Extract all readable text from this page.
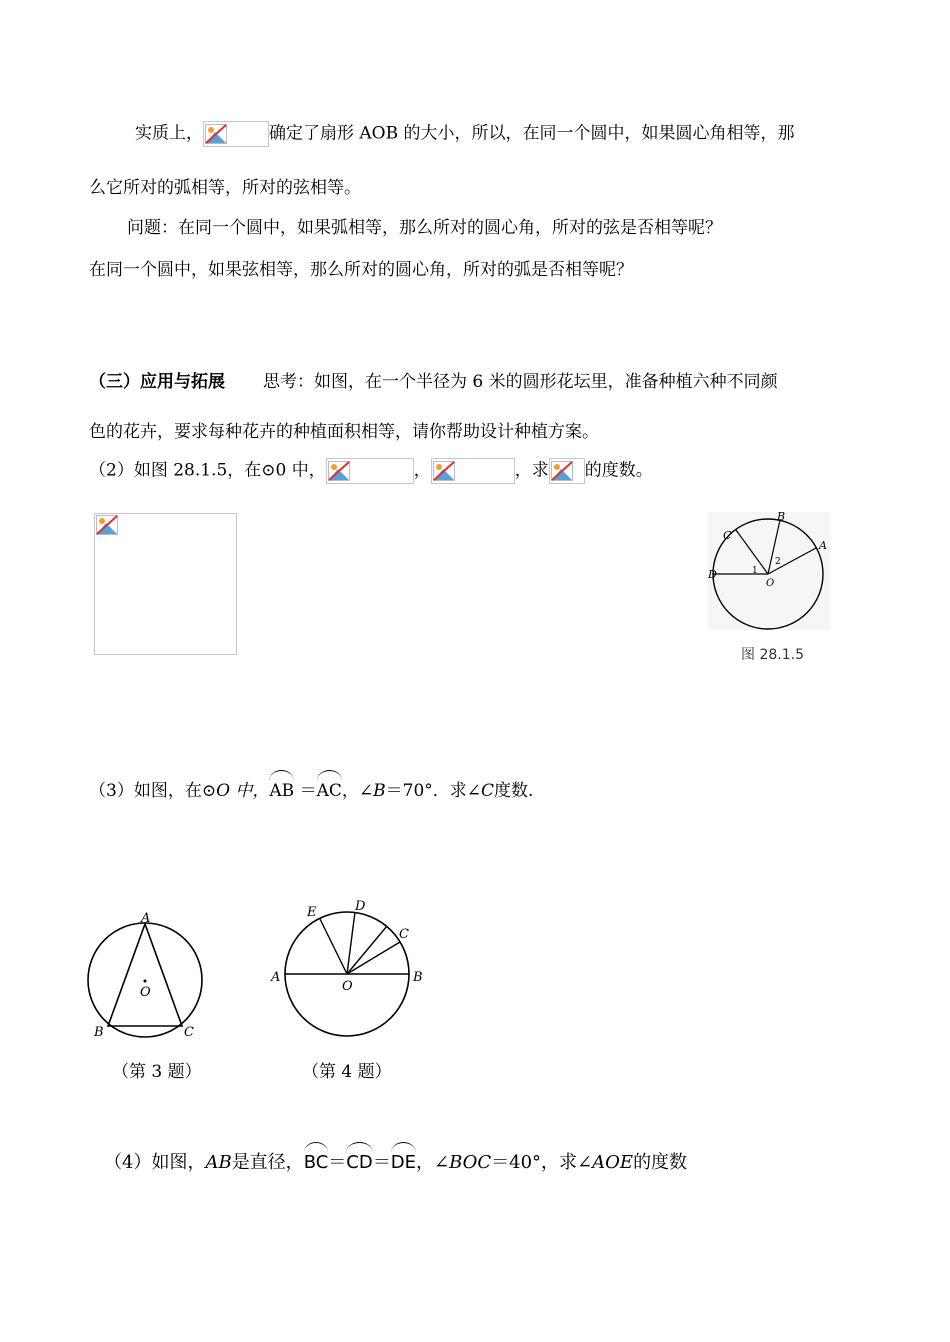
实质上，	确定了扇形 AOB 的大小，所以，在同一个圆中，如果圆心角相等，那
么它所对的弧相等，所对的弦相等。
问题：在同一个圆中，如果弧相等，那么所对的圆心角，所对的弦是否相等呢？
在同一个圆中，如果弦相等，那么所对的圆心角，所对的弧是否相等呢？
（三）应用与拓展 思考：如图，在一个半径为 6 米的圆形花坛里，准备种植六种不同颜
色的花卉，要求每种花卉的种植面积相等，请你帮助设计种植方案。
（2）如图 28.1.5，在⊙0 中，	，	，求 的度数。
A
B
C
D
O
1
2
图 28.1.5
（3）如图，在⊙O 中，AB ＝AC，∠B＝70°．求∠C度数.
A
B	C
O
（第 3 题）
A	B
C
D
E
O
（第 4 题）
（4）如图，AB是直径，BC＝CD＝DE，∠BOC＝40°，求∠AOE的度数
